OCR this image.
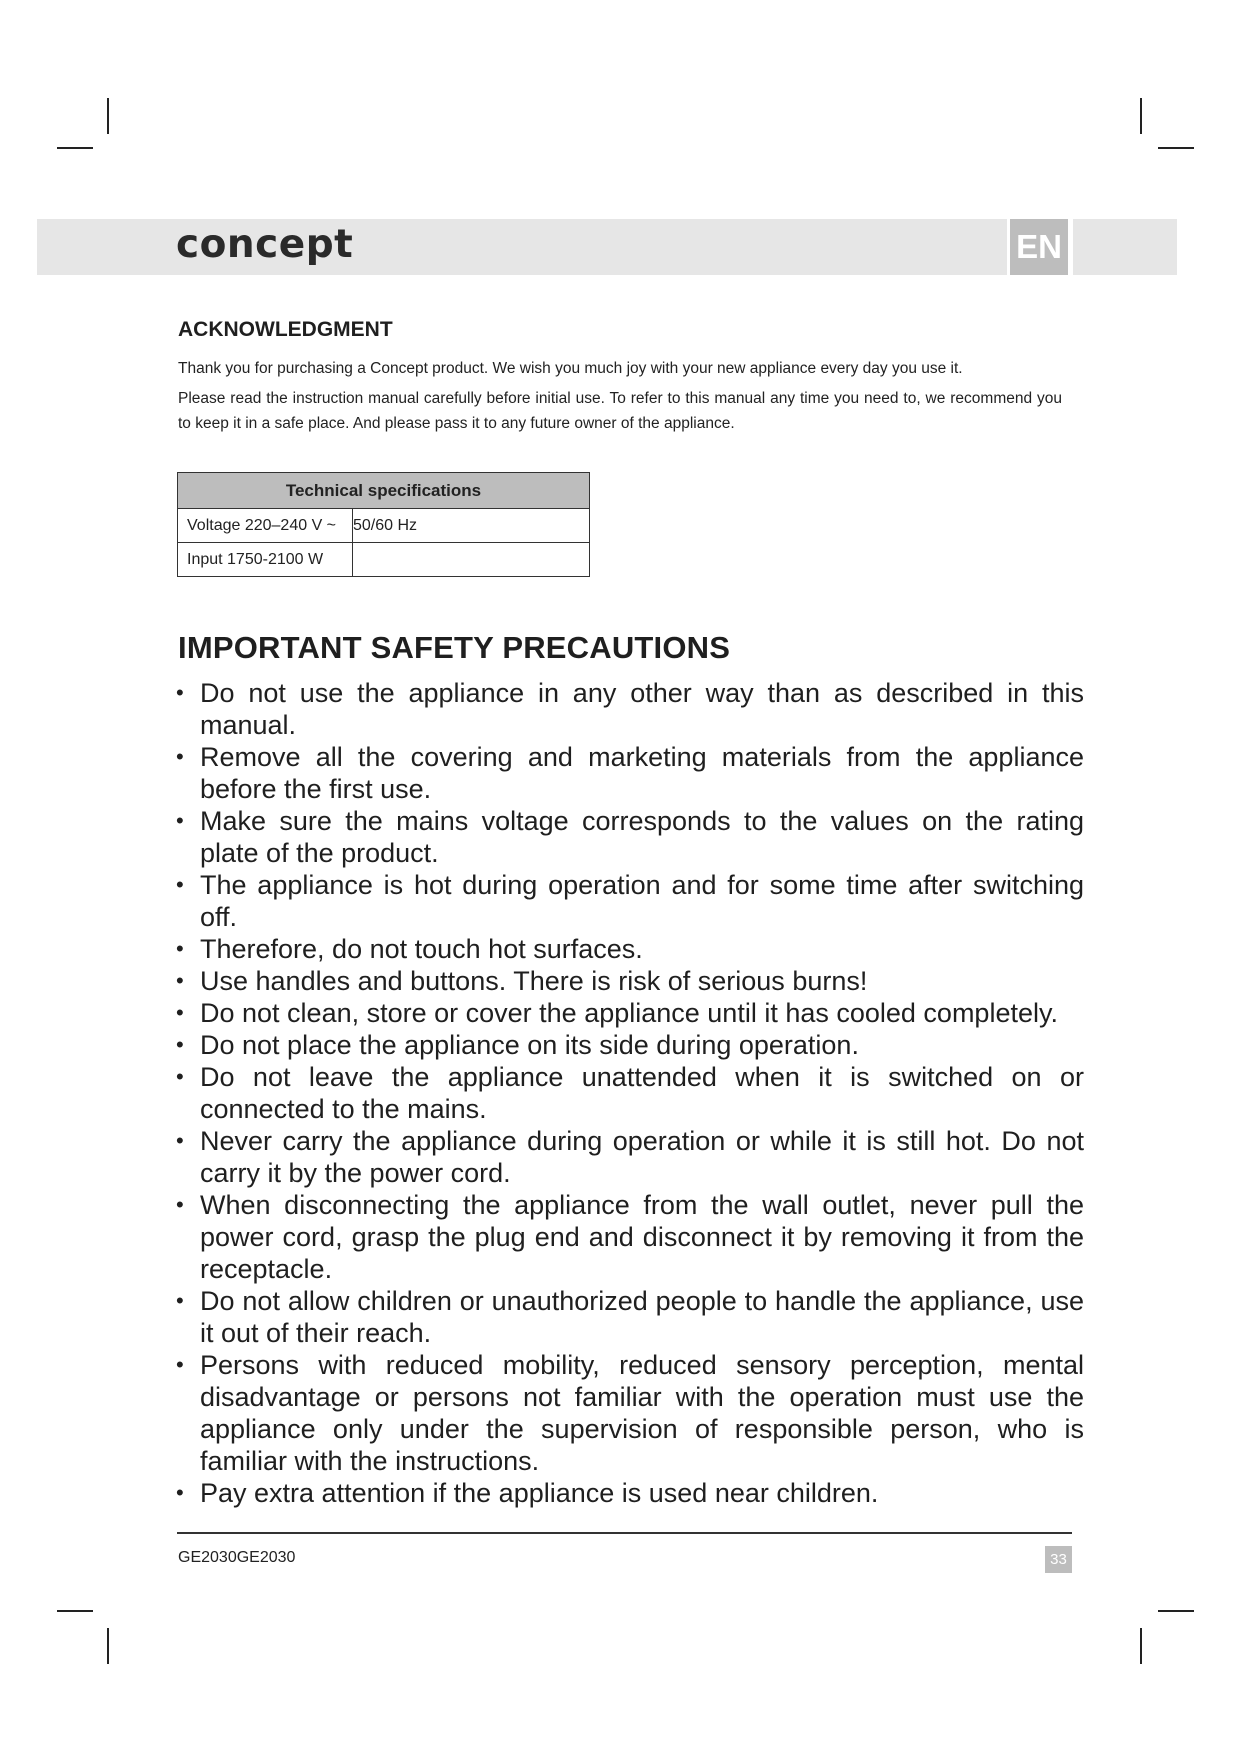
EN
concept
ACKNOWLEDGMENT
Thank you for purchasing a Concept product. We wish you much joy with your new appliance every day you use it.
Please read the instruction manual carefully before initial use. To refer to this manual any time you need to, we recommend you to keep it in a safe place. And please pass it to any future owner of the appliance.
Technical specifications	
Voltage 220–240 V ~	50/60 Hz
Input 1750-2100 W	
IMPORTANT SAFETY PRECAUTIONS
• Do not use the appliance in any other way than as described in this manual.
• Remove all the covering and marketing materials from the appliance before the first use.
• Make sure the mains voltage corresponds to the values on the rating plate of the product.
• The appliance is hot during operation and for some time after switching off.
• Therefore, do not touch hot surfaces.
• Use handles and buttons. There is risk of serious burns!
• Do not clean, store or cover the appliance until it has cooled completely.
• Do not place the appliance on its side during operation.
• Do not leave the appliance unattended when it is switched on or connected to the mains.
• Never carry the appliance during operation or while it is still hot. Do not carry it by the power cord.
• When disconnecting the appliance from the wall outlet, never pull the power cord, grasp the plug end and disconnect it by removing it from the receptacle.
• Do not allow children or unauthorized people to handle the appliance, use it out of their reach.
• Persons with reduced mobility, reduced sensory perception, mental disadvantage or persons not familiar with the operation must use the appliance only under the supervision of responsible person, who is familiar with the instructions.
• Pay extra attention if the appliance is used near children.
GE2030GE2030	33
